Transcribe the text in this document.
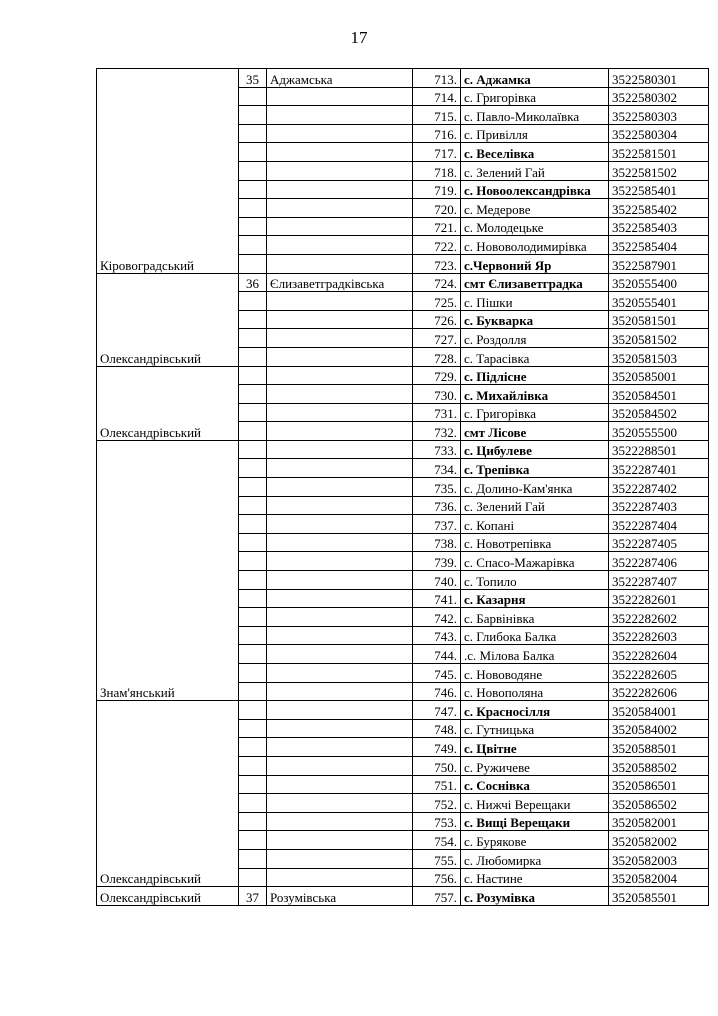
17
Кіровоградський	35	Аджамська	713.	с. Аджамка	3522580301
			714.	с. Григорівка	3522580302
			715.	с. Павло-Миколаївка	3522580303
			716.	с. Привілля	3522580304
			717.	с. Веселівка	3522581501
			718.	с. Зелений Гай	3522581502
			719.	с. Новоолександрівка	3522585401
			720.	с. Медерове	3522585402
			721.	с. Молодецьке	3522585403
			722.	с. Нововолодимирівка	3522585404
			723.	с.Червоний Яр	3522587901
Олександрівський	36	Єлизаветградківська	724.	смт Єлизаветградка	3520555400
			725.	с. Пішки	3520555401
			726.	с. Букварка	3520581501
			727.	с. Роздолля	3520581502
			728.	с. Тарасівка	3520581503
Олександрівський			729.	с. Підлісне	3520585001
			730.	с. Михайлівка	3520584501
			731.	с. Григорівка	3520584502
			732.	смт Лісове	3520555500
Знам'янський			733.	с. Цибулеве	3522288501
			734.	с. Трепівка	3522287401
			735.	с. Долино-Кам'янка	3522287402
			736.	с. Зелений Гай	3522287403
			737.	с. Копані	3522287404
			738.	с. Новотрепівка	3522287405
			739.	с. Спасо-Мажарівка	3522287406
			740.	с. Топило	3522287407
			741.	с. Казарня	3522282601
			742.	с. Барвінівка	3522282602
			743.	с. Глибока Балка	3522282603
			744.	.с. Мілова Балка	3522282604
			745.	с. Нововодяне	3522282605
			746.	с. Новополяна	3522282606
Олександрівський			747.	с. Красносілля	3520584001
			748.	с. Гутницька	3520584002
			749.	с. Цвітне	3520588501
			750.	с. Ружичеве	3520588502
			751.	с. Соснівка	3520586501
			752.	с. Нижчі Верещаки	3520586502
			753.	с. Вищі Верещаки	3520582001
			754.	с. Бурякове	3520582002
			755.	с. Любомирка	3520582003
			756.	с. Настине	3520582004
Олександрівський	37	Розумівська	757.	с. Розумівка	3520585501
